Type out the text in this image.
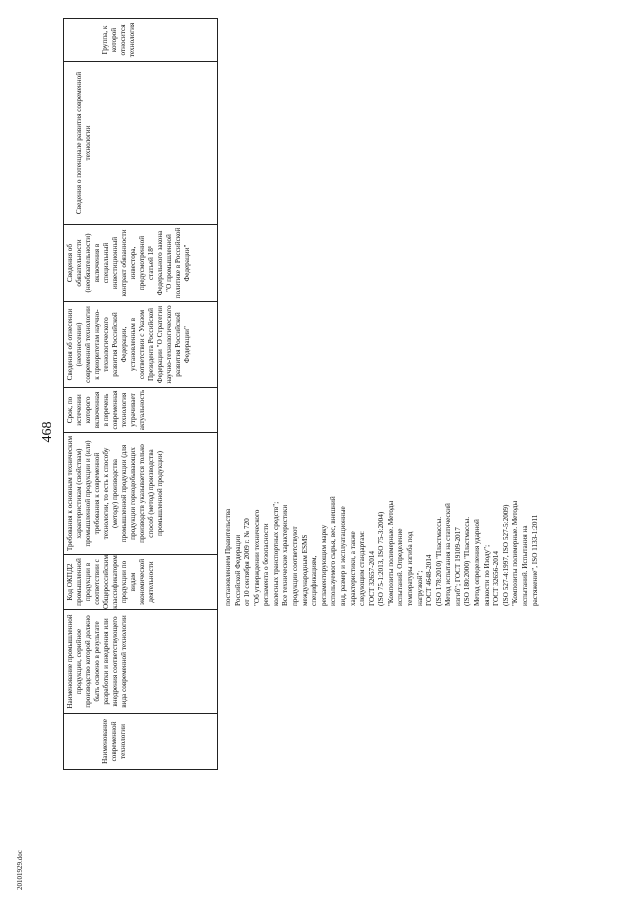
468
20101929.doc
Наименование современной технологии
Наименование промышленной продукции, серийное производство которой должно быть освоено в результате разработки и внедрения или внедрения соответствующего вида современной технологии
Код ОКПД2 промышленной продукции в соответствии с Общероссийским классификатором продукции по видам экономической деятельности
Требования к основным техническим характеристикам (свойствам) промышленной продукции и (или) требования к современной технологии, то есть к способу (методу) производства промышленной продукции (для продукции горнодобывающих производств указывается только способ (метод) производства промышленной продукции)
Срок, по истечении которого включенная в перечень современная технология утрачивает актуальность
Сведения об отнесении (неотнесении) современной технологии к приоритетам научно-технологического развития Российской Федерации, установленным в соответствии с Указом Президента Российской Федерации "О Стратегии научно-технологического развития Российской Федерации"
Сведения об обязательности (необязательности) включения в специальный инвестиционный контракт обязанности инвестора, предусмотренной статьей 18¹ Федерального закона "О промышленной политике в Российской Федерации"
Сведения о потенциале развития современной технологии
Группа, к которой относится технология
постановлением Правительства
Российской Федерации
от 10 сентября 2009 г. № 720
"Об утверждении технического
регламента о безопасности
колесных транспортных средств";
Все технические характеристики
продукции соответствуют
международным ESMS
спецификациям,
регламентирующим марку
используемого сырья, вес, внешний
вид, размер и эксплуатационные
характеристики, а также
следующим стандартам:
ГОСТ 32657-2014
(ISO 75-1:2013, ISO 75-3:2004)
"Композиты полимерные. Методы
испытаний. Определение
температуры изгиба под
нагрузкой";
ГОСТ 4648-2014
(ISO 178:2010) "Пластмассы.
Метод испытания на статический
изгиб"; ГОСТ 19109-2017
(ISO 180:2000) "Пластмассы.
Метод определения ударной
вязкости по Изоду";
ГОСТ 32656-2014
(ISO 527-4:1997, ISO 527-5:2009)
"Композиты полимерные. Методы
испытаний. Испытания на
растяжение", ISO 1133-1:2011
